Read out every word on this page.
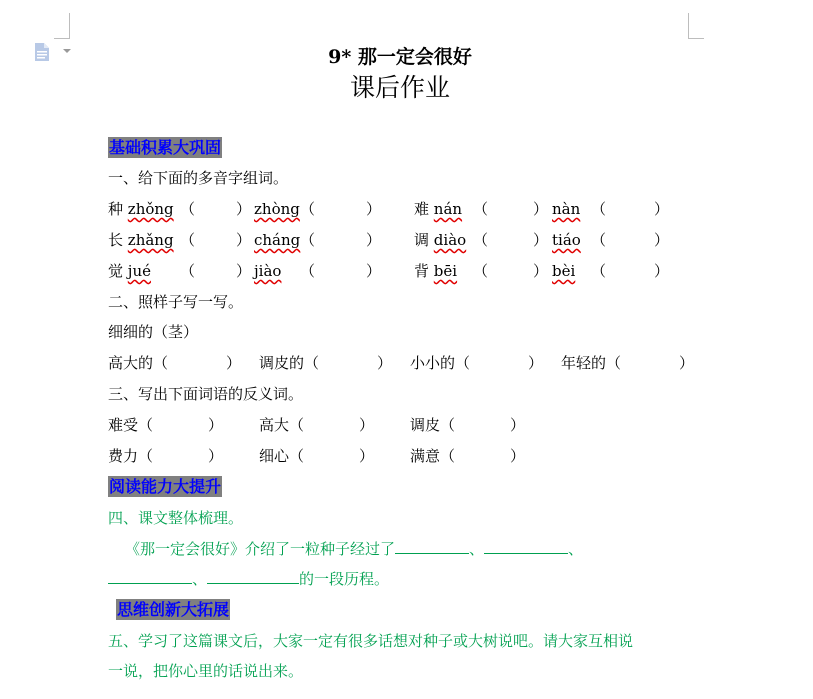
9* 那一定会很好
课后作业
基础积累大巩固
一、给下面的多音字组词。
种 zhǒng （	） zhòng （	） 难 nán （	） nàn （	）
长 zhǎng （	） cháng （	） 调 diào （	） tiáo （	）
觉 jué （	） jiào （	） 背 bēi （	） bèi （	）
二、照样子写一写。
细细的（茎）
高大的（	） 调皮的（	） 小小的（	） 年轻的（	）
三、写出下面词语的反义词。
难受（	） 高大（	） 调皮（	）
费力（	） 细心（	） 满意（	）
阅读能力大提升
四、课文整体梳理。
《那一定会很好》介绍了一粒种子经过了	、	、
、	的一段历程。
思维创新大拓展
五、学习了这篇课文后，大家一定有很多话想对种子或大树说吧。请大家互相说
一说，把你心里的话说出来。
